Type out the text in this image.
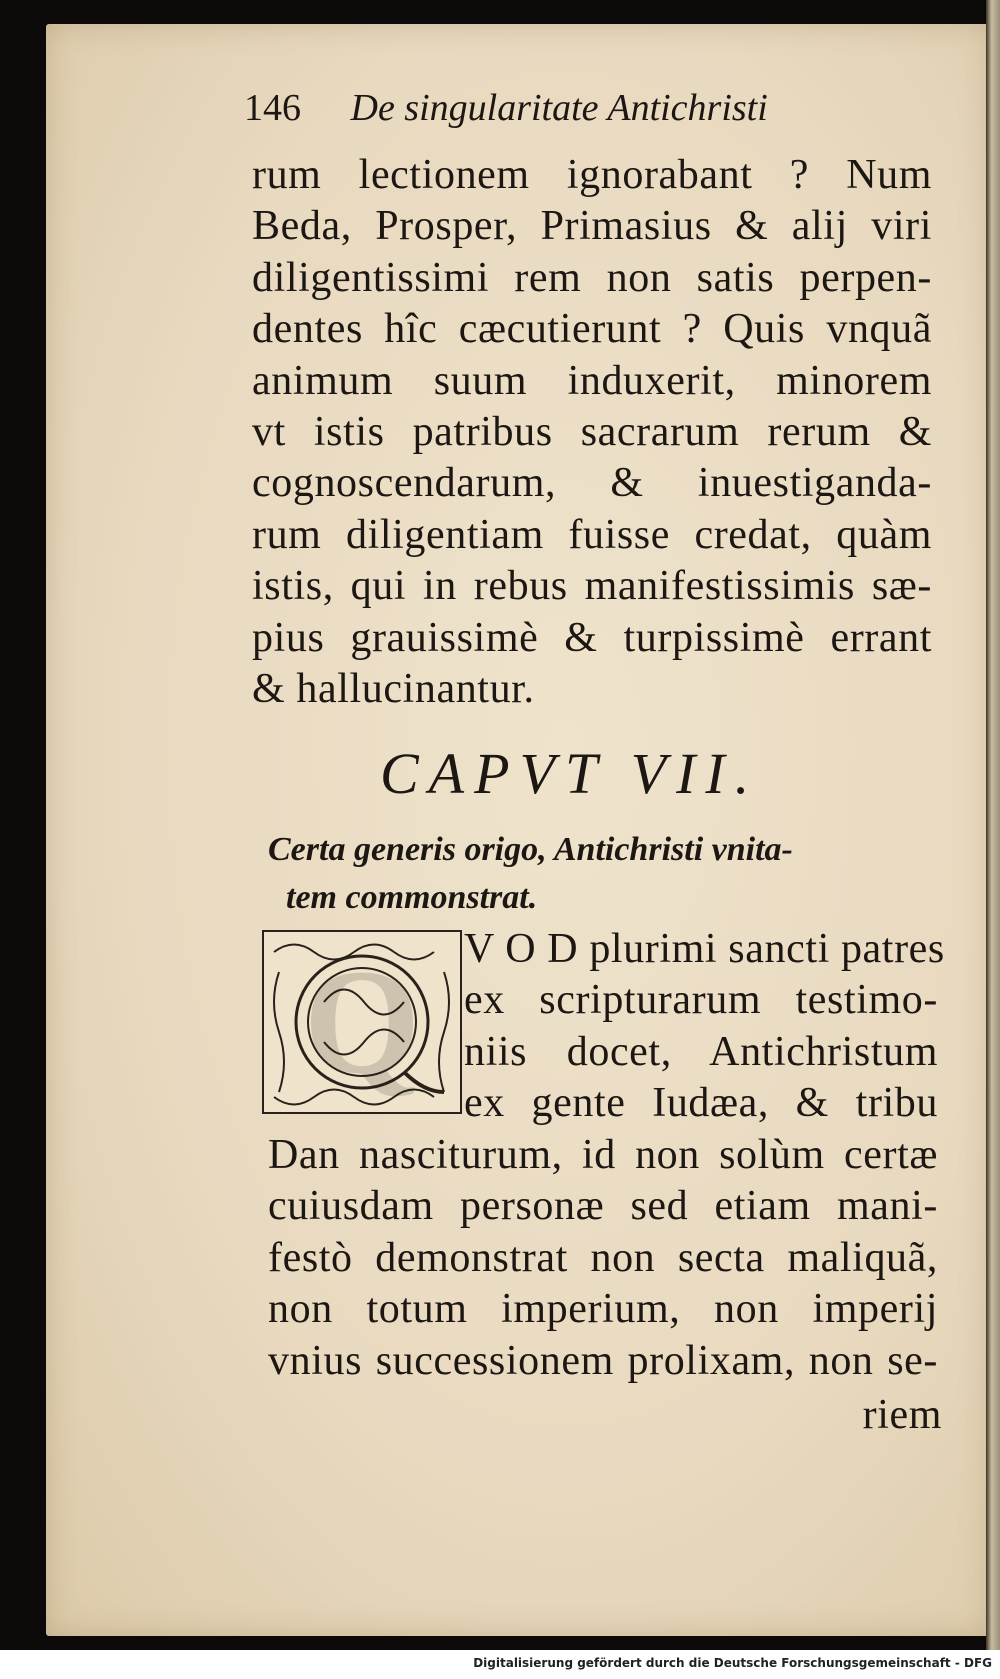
146 De singularitate Antichristi
rum lectionem ignorabant ? Num
Beda, Prosper, Primasius & alij viri
diligentissimi rem non satis perpen-
dentes hîc cæcutierunt ? Quis vnquã
animum suum induxerit, minorem
vt istis patribus sacrarum rerum &
cognoscendarum, & inuestiganda-
rum diligentiam fuisse credat, quàm
istis, qui in rebus manifestissimis sæ-
pius grauissimè & turpissimè errant
& hallucinantur.
CAPVT VII.
Certa generis origo, Antichristi vnita-
tem commonstrat.
Q	V O D plurimi sancti patres
ex scripturarum testimo-
niis docet, Antichristum
ex gente Iudæa, & tribu
Dan nasciturum, id non solùm certæ
cuiusdam personæ sed etiam mani-
festò demonstrat non secta maliquã,
non totum imperium, non imperij
vnius successionem prolixam, non se-
riem
Digitalisierung gefördert durch die Deutsche Forschungsgemeinschaft - DFG
